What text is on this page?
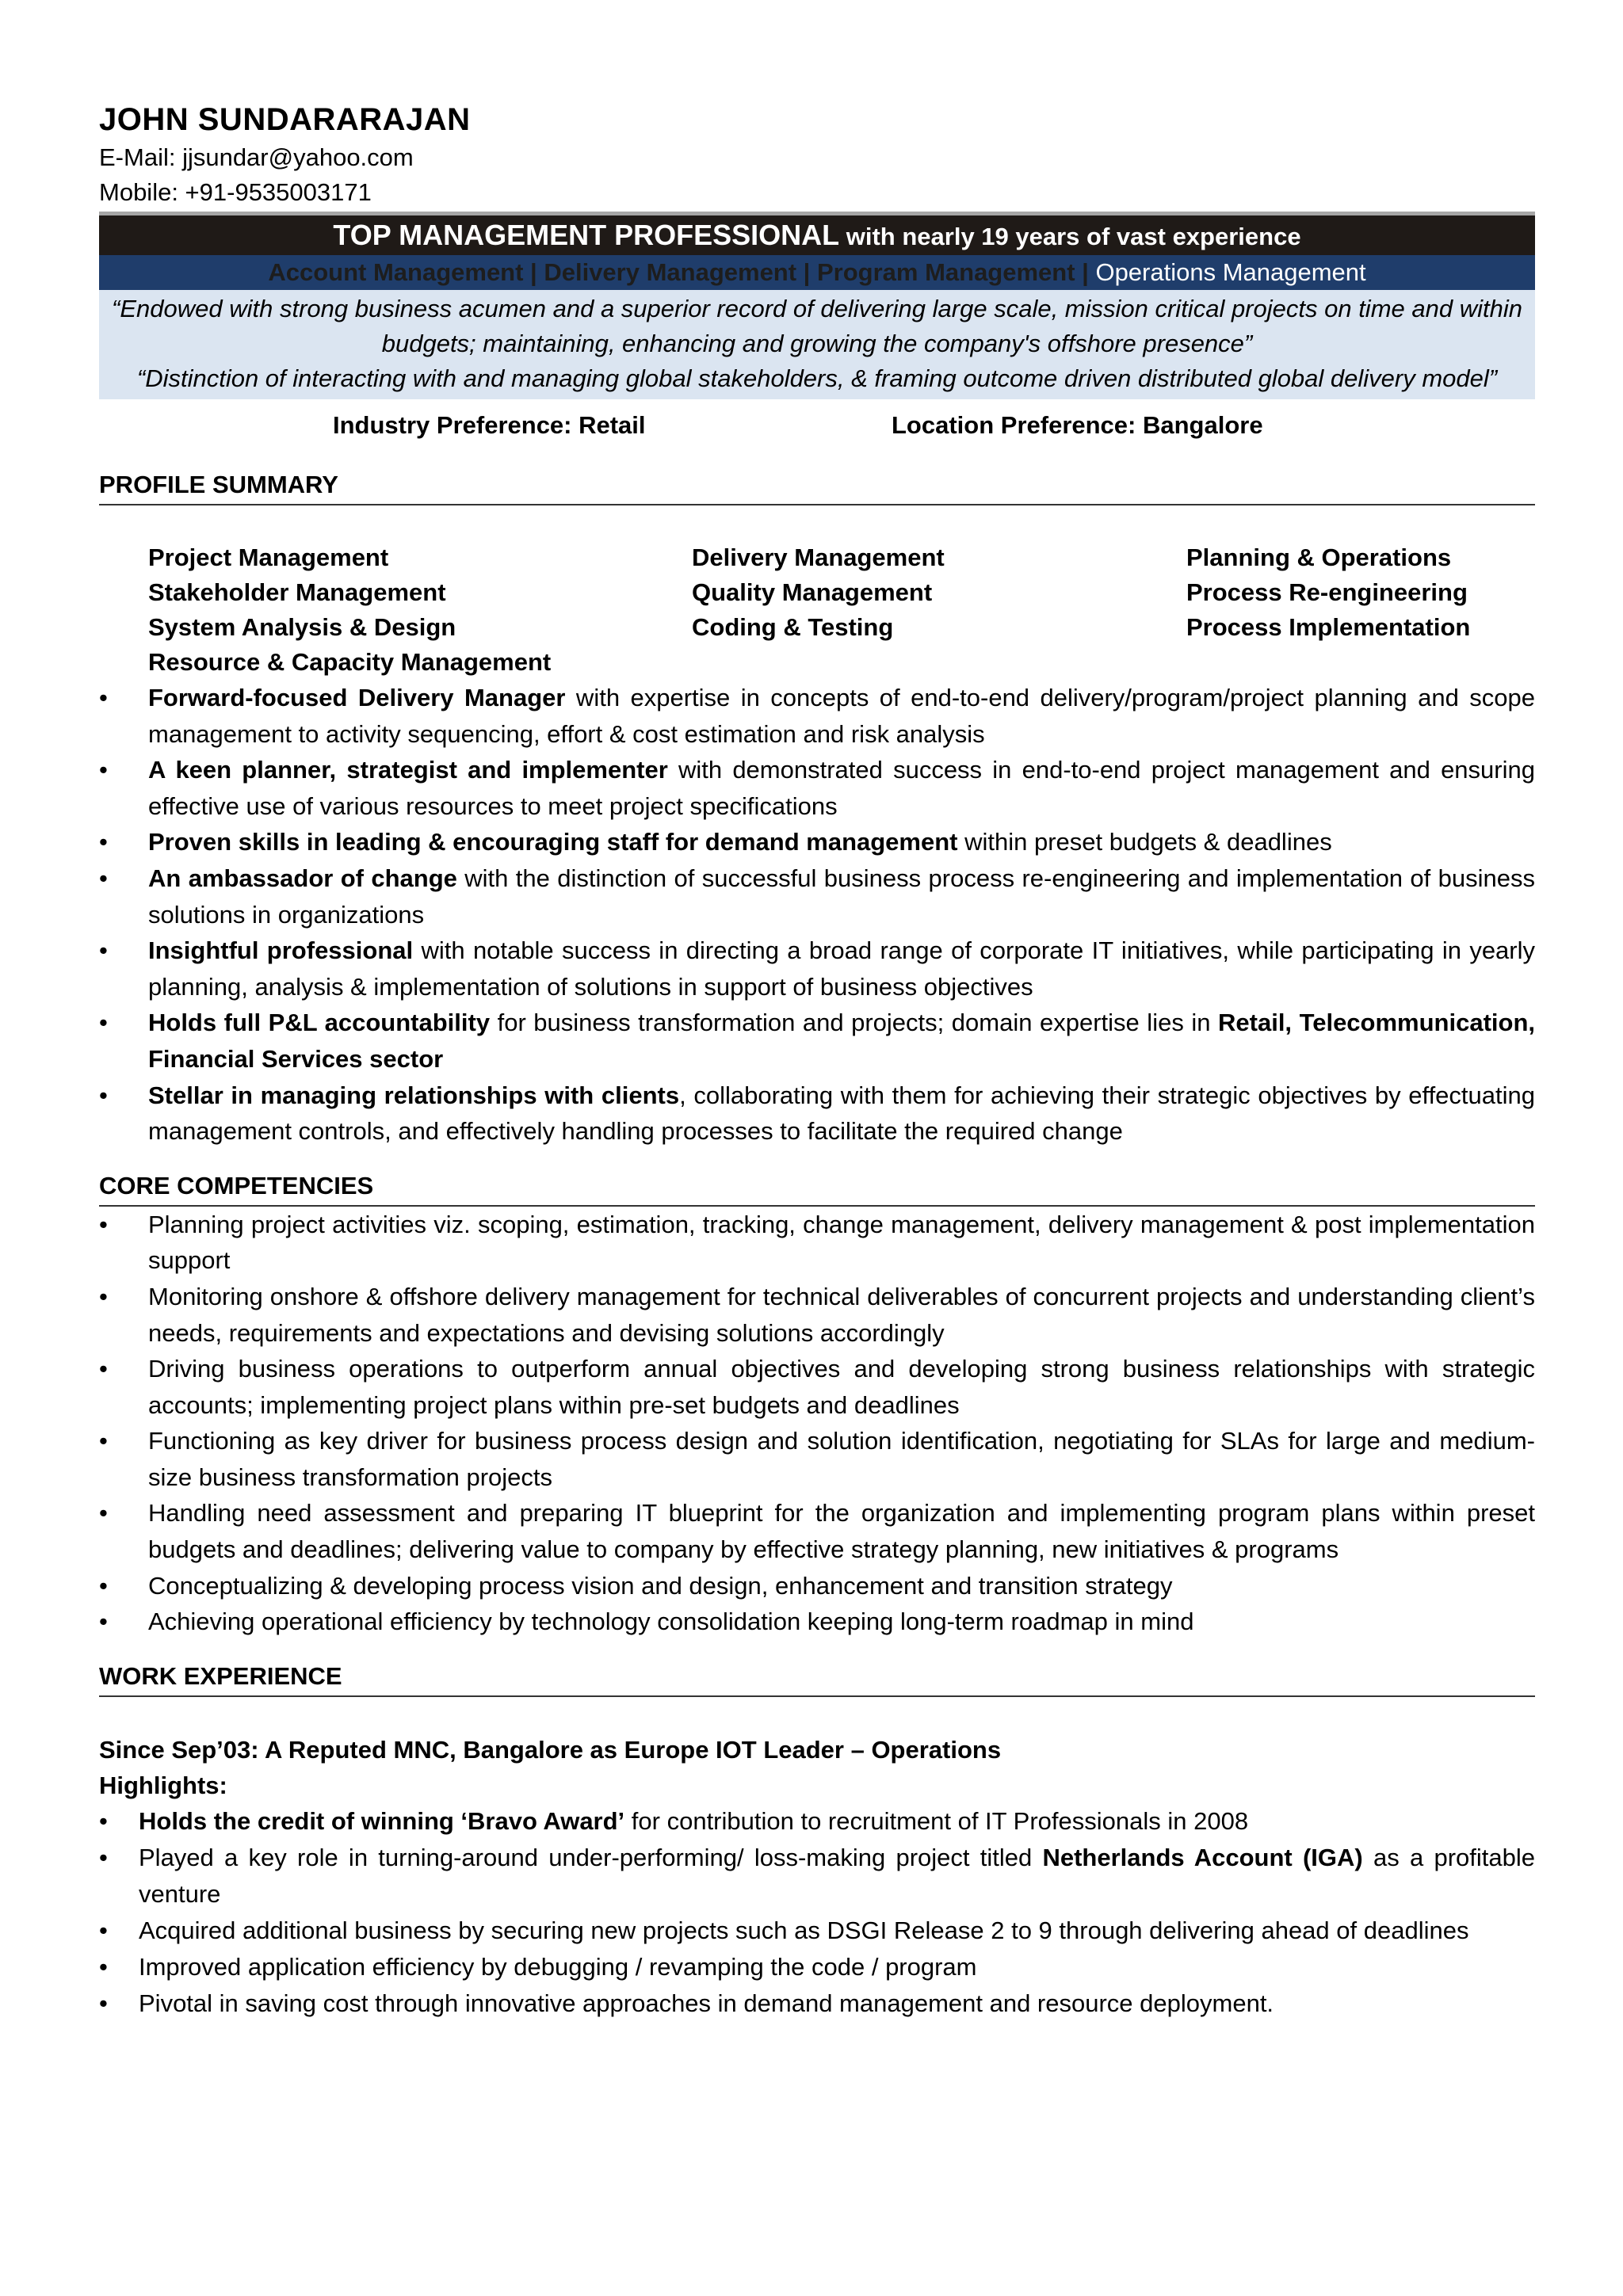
JOHN SUNDARARAJAN
E-Mail: jjsundar@yahoo.com
Mobile: +91-9535003171
TOP MANAGEMENT PROFESSIONAL with nearly 19 years of vast experience
Account Management | Delivery Management | Program Management | Operations Management
“Endowed with strong business acumen and a superior record of delivering large scale, mission critical projects on time and within budgets; maintaining, enhancing and growing the company's offshore presence”
“Distinction of interacting with and managing global stakeholders, & framing outcome driven distributed global delivery model”
Industry Preference: Retail	Location Preference: Bangalore
PROFILE SUMMARY
Project Management
Stakeholder Management
System Analysis & Design
Resource & Capacity Management
Delivery Management
Quality Management
Coding & Testing
Planning & Operations
Process Re-engineering
Process Implementation
• Forward-focused Delivery Manager with expertise in concepts of end-to-end delivery/program/project planning and scope management to activity sequencing, effort & cost estimation and risk analysis
• A keen planner, strategist and implementer with demonstrated success in end-to-end project management and ensuring effective use of various resources to meet project specifications
• Proven skills in leading & encouraging staff for demand management within preset budgets & deadlines
• An ambassador of change with the distinction of successful business process re-engineering and implementation of business solutions in organizations
• Insightful professional with notable success in directing a broad range of corporate IT initiatives, while participating in yearly planning, analysis & implementation of solutions in support of business objectives
• Holds full P&L accountability for business transformation and projects; domain expertise lies in Retail, Telecommunication, Financial Services sector
• Stellar in managing relationships with clients, collaborating with them for achieving their strategic objectives by effectuating management controls, and effectively handling processes to facilitate the required change
CORE COMPETENCIES
• Planning project activities viz. scoping, estimation, tracking, change management, delivery management & post implementation support
• Monitoring onshore & offshore delivery management for technical deliverables of concurrent projects and understanding client’s needs, requirements and expectations and devising solutions accordingly
• Driving business operations to outperform annual objectives and developing strong business relationships with strategic accounts; implementing project plans within pre-set budgets and deadlines
• Functioning as key driver for business process design and solution identification, negotiating for SLAs for large and medium-size business transformation projects
• Handling need assessment and preparing IT blueprint for the organization and implementing program plans within preset budgets and deadlines; delivering value to company by effective strategy planning, new initiatives & programs
• Conceptualizing & developing process vision and design, enhancement and transition strategy
• Achieving operational efficiency by technology consolidation keeping long-term roadmap in mind
WORK EXPERIENCE
Since Sep’03: A Reputed MNC, Bangalore as Europe IOT Leader – Operations
Highlights:
• Holds the credit of winning ‘Bravo Award’ for contribution to recruitment of IT Professionals in 2008
• Played a key role in turning-around under-performing/ loss-making project titled Netherlands Account (IGA) as a profitable venture
• Acquired additional business by securing new projects such as DSGI Release 2 to 9 through delivering ahead of deadlines
• Improved application efficiency by debugging / revamping the code / program
• Pivotal in saving cost through innovative approaches in demand management and resource deployment.
